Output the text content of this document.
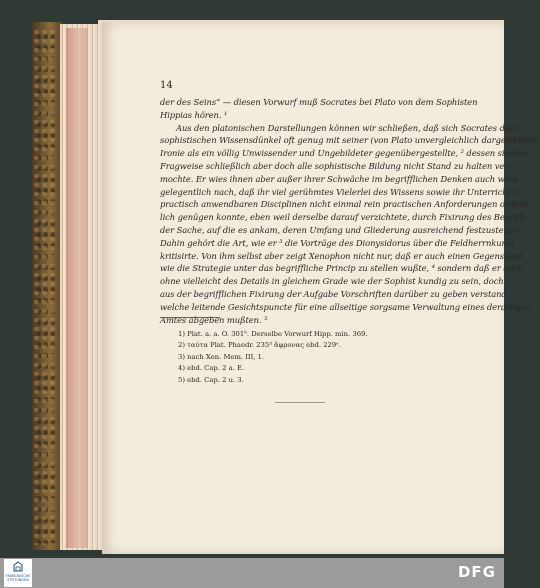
14
der des Seins“ — diesen Vorwurf muß Socrates bei Plato von dem Sophisten
Hippias hören. ¹
Aus den platonischen Darstellungen können wir schließen, daß sich Socrates dem
sophistischen Wissensdünkel oft genug mit seiner (von Plato unvergleichlich dargestellten)
Ironie als ein völlig Unwissender und Ungebildeter gegenübergestellte, ² dessen simpler
Fragweise schließlich aber doch alle sophistische Bildung nicht Stand zu halten ver-
mochte. Er wies ihnen aber außer ihrer Schwäche im begrifflichen Denken auch wohl
gelegentlich nach, daß ihr viel gerühmtes Vielerlei des Wissens sowie ihr Unterricht in
practisch anwendbaren Disciplinen nicht einmal rein practischen Anforderungen ordent-
lich genügen konnte, eben weil derselbe darauf verzichtete, durch Fixirung des Begriffs
der Sache, auf die es ankam, deren Umfang und Gliederung ausreichend festzustellen.
Dahin gehört die Art, wie er ³ die Vorträge des Dionysidorus über die Feldherrnkunst
kritisirte. Von ihm selbst aber zeigt Xenophon nicht nur, daß er auch einen Gegenstand
wie die Strategie unter das begriffliche Princip zu stellen wußte, ⁴ sondern daß er auch
ohne vielleicht des Details in gleichem Grade wie der Sophist kundig zu sein, doch
aus der begrifflichen Fixirung der Aufgabe Vorschriften darüber zu geben verstand,
welche leitende Gesichtspuncte für eine allseitige sorgsame Verwaltung eines derartigen
Amtes abgeben mußten. ⁵
1) Plat. a. a. O. 301ᵇ. Derselbe Vorwurf Hipp. min. 369.
2) ταύτα Plat. Phaedr. 235ᵈ ἄφρονας ebd. 229ᵉ.
3) nach Xen. Mem. III, 1.
4) ebd. Cap. 2 a. E.
5) ebd. Cap. 2 u. 3.
FRANCKESCHE
STIFTUNGEN	DFG
